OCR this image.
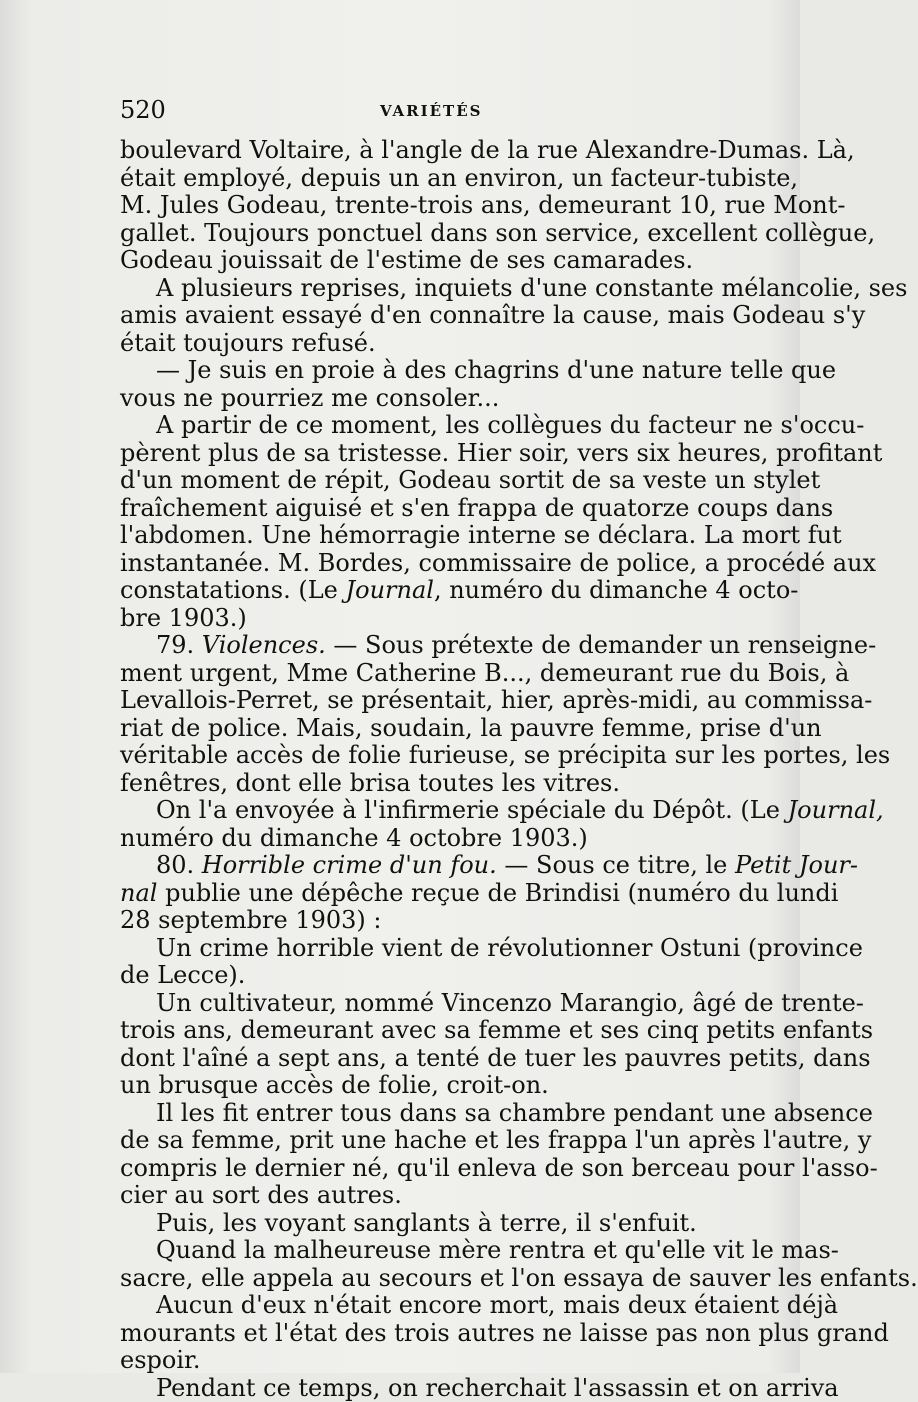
520	VARIÉTÉS
boulevard Voltaire, à l'angle de la rue Alexandre-Dumas. Là,
était employé, depuis un an environ, un facteur-tubiste,
M. Jules Godeau, trente-trois ans, demeurant 10, rue Mont-
gallet. Toujours ponctuel dans son service, excellent collègue,
Godeau jouissait de l'estime de ses camarades.
A plusieurs reprises, inquiets d'une constante mélancolie, ses
amis avaient essayé d'en connaître la cause, mais Godeau s'y
était toujours refusé.
— Je suis en proie à des chagrins d'une nature telle que
vous ne pourriez me consoler...
A partir de ce moment, les collègues du facteur ne s'occu-
pèrent plus de sa tristesse. Hier soir, vers six heures, profitant
d'un moment de répit, Godeau sortit de sa veste un stylet
fraîchement aiguisé et s'en frappa de quatorze coups dans
l'abdomen. Une hémorragie interne se déclara. La mort fut
instantanée. M. Bordes, commissaire de police, a procédé aux
constatations. (Le Journal, numéro du dimanche 4 octo-
bre 1903.)
79. Violences. — Sous prétexte de demander un renseigne-
ment urgent, Mme Catherine B..., demeurant rue du Bois, à
Levallois-Perret, se présentait, hier, après-midi, au commissa-
riat de police. Mais, soudain, la pauvre femme, prise d'un
véritable accès de folie furieuse, se précipita sur les portes, les
fenêtres, dont elle brisa toutes les vitres.
On l'a envoyée à l'infirmerie spéciale du Dépôt. (Le Journal,
numéro du dimanche 4 octobre 1903.)
80. Horrible crime d'un fou. — Sous ce titre, le Petit Jour-
nal publie une dépêche reçue de Brindisi (numéro du lundi
28 septembre 1903) :
Un crime horrible vient de révolutionner Ostuni (province
de Lecce).
Un cultivateur, nommé Vincenzo Marangio, âgé de trente-
trois ans, demeurant avec sa femme et ses cinq petits enfants
dont l'aîné a sept ans, a tenté de tuer les pauvres petits, dans
un brusque accès de folie, croit-on.
Il les fit entrer tous dans sa chambre pendant une absence
de sa femme, prit une hache et les frappa l'un après l'autre, y
compris le dernier né, qu'il enleva de son berceau pour l'asso-
cier au sort des autres.
Puis, les voyant sanglants à terre, il s'enfuit.
Quand la malheureuse mère rentra et qu'elle vit le mas-
sacre, elle appela au secours et l'on essaya de sauver les enfants.
Aucun d'eux n'était encore mort, mais deux étaient déjà
mourants et l'état des trois autres ne laisse pas non plus grand
espoir.
Pendant ce temps, on recherchait l'assassin et on arriva
